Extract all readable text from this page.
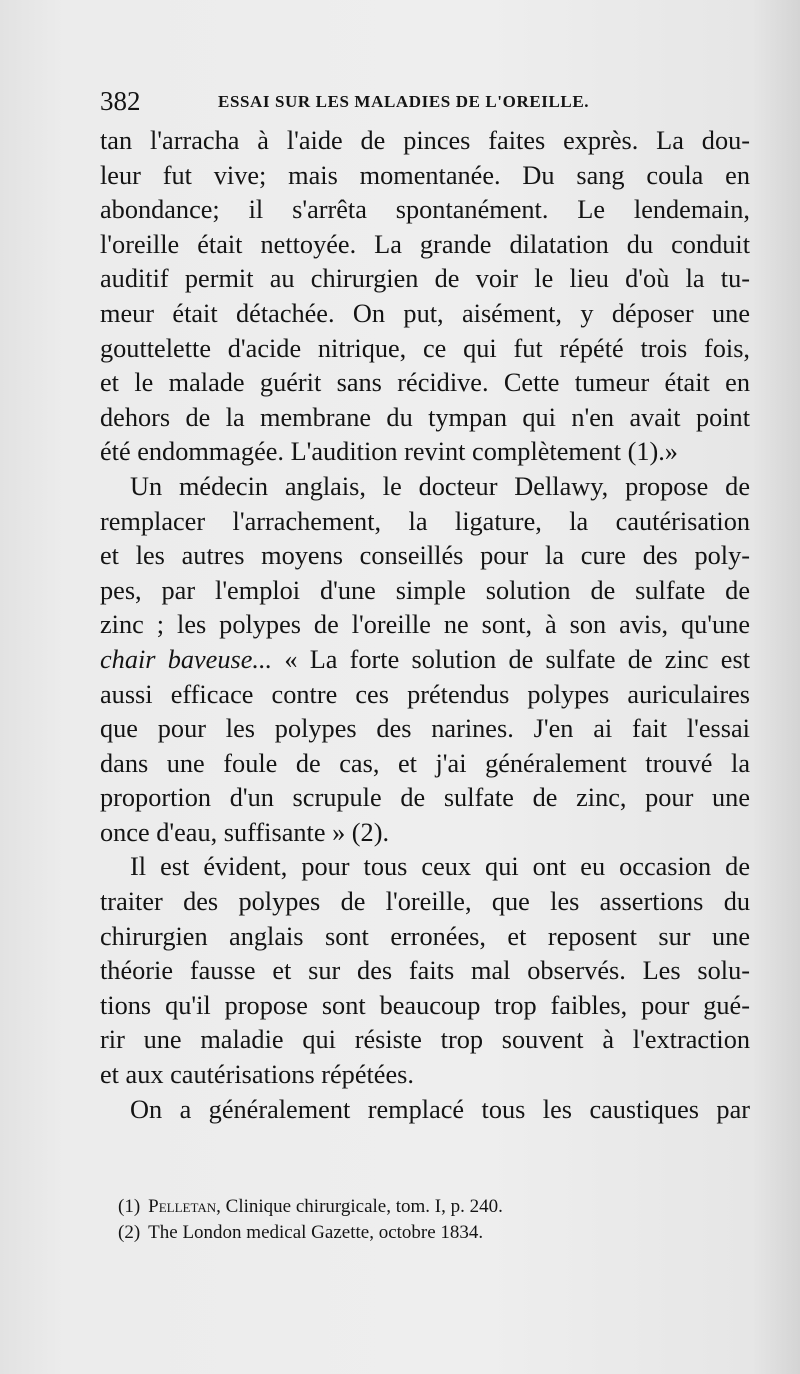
382	ESSAI SUR LES MALADIES DE L'OREILLE.
tan l'arracha à l'aide de pinces faites exprès. La dou-
leur fut vive; mais momentanée. Du sang coula en
abondance; il s'arrêta spontanément. Le lendemain,
l'oreille était nettoyée. La grande dilatation du conduit
auditif permit au chirurgien de voir le lieu d'où la tu-
meur était détachée. On put, aisément, y déposer une
gouttelette d'acide nitrique, ce qui fut répété trois fois,
et le malade guérit sans récidive. Cette tumeur était en
dehors de la membrane du tympan qui n'en avait point
été endommagée. L'audition revint complètement (1).»
Un médecin anglais, le docteur Dellawy, propose de
remplacer l'arrachement, la ligature, la cautérisation
et les autres moyens conseillés pour la cure des poly-
pes, par l'emploi d'une simple solution de sulfate de
zinc ; les polypes de l'oreille ne sont, à son avis, qu'une
chair baveuse... « La forte solution de sulfate de zinc est
aussi efficace contre ces prétendus polypes auriculaires
que pour les polypes des narines. J'en ai fait l'essai
dans une foule de cas, et j'ai généralement trouvé la
proportion d'un scrupule de sulfate de zinc, pour une
once d'eau, suffisante » (2).
Il est évident, pour tous ceux qui ont eu occasion de
traiter des polypes de l'oreille, que les assertions du
chirurgien anglais sont erronées, et reposent sur une
théorie fausse et sur des faits mal observés. Les solu-
tions qu'il propose sont beaucoup trop faibles, pour gué-
rir une maladie qui résiste trop souvent à l'extraction
et aux cautérisations répétées.
On a généralement remplacé tous les caustiques par
(1) Pelletan, Clinique chirurgicale, tom. I, p. 240.
(2) The London medical Gazette, octobre 1834.
